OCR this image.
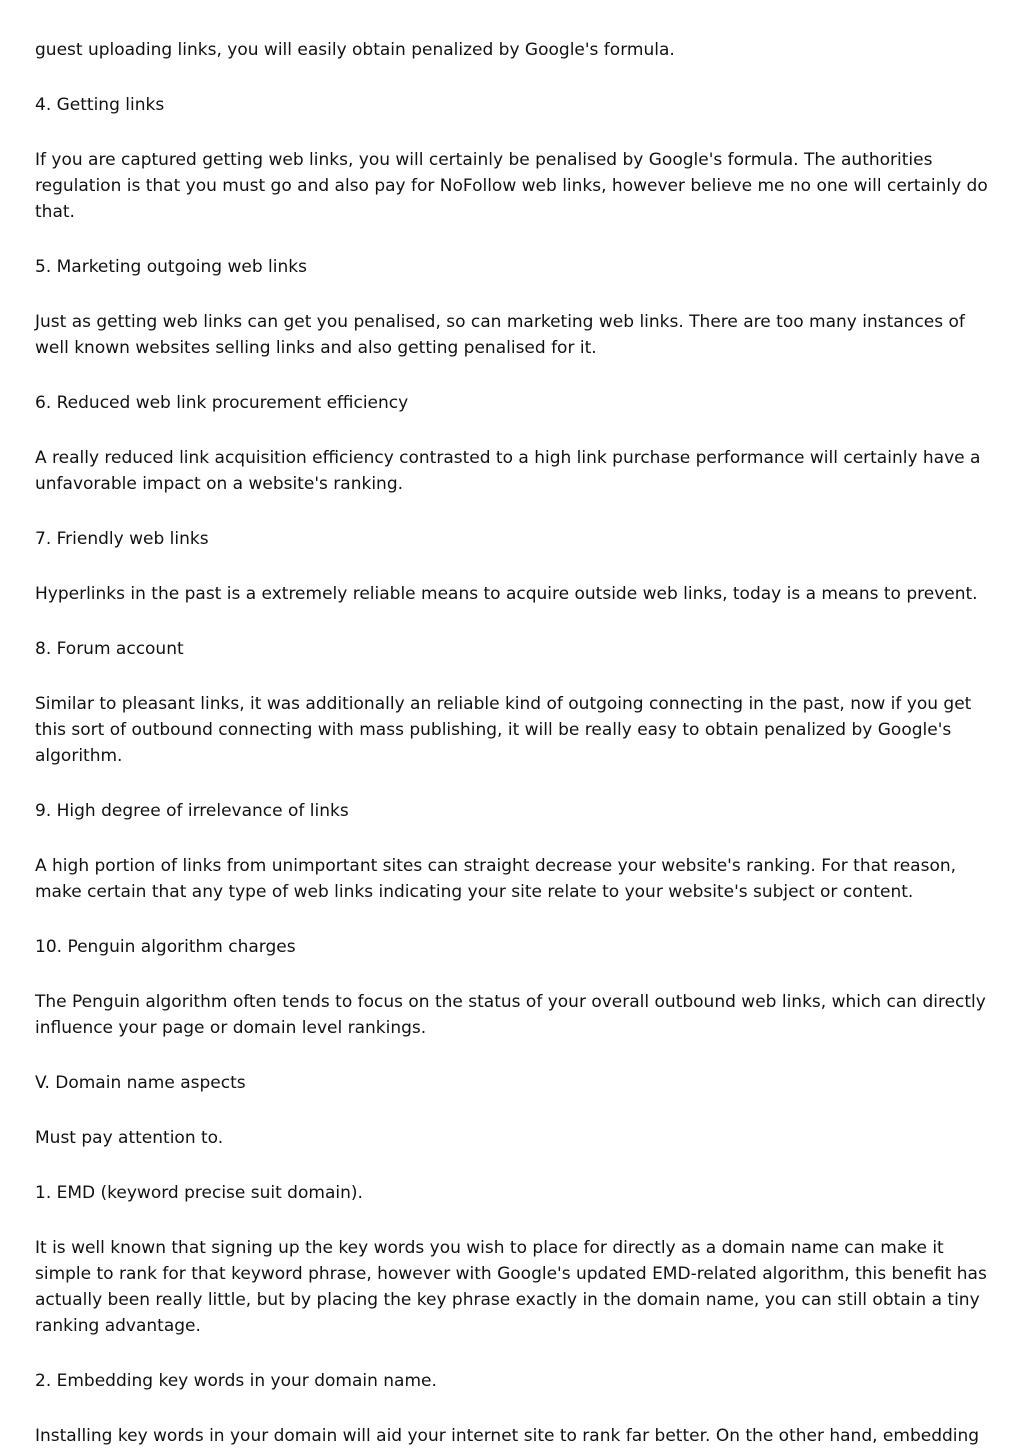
guest uploading links, you will easily obtain penalized by Google's formula.

4. Getting links

If you are captured getting web links, you will certainly be penalised by Google's formula. The authorities regulation is that you must go and also pay for NoFollow web links, however believe me no one will certainly do that.

5. Marketing outgoing web links

Just as getting web links can get you penalised, so can marketing web links. There are too many instances of well known websites selling links and also getting penalised for it.

6. Reduced web link procurement efficiency

A really reduced link acquisition efficiency contrasted to a high link purchase performance will certainly have a unfavorable impact on a website's ranking.

7. Friendly web links

Hyperlinks in the past is a extremely reliable means to acquire outside web links, today is a means to prevent.

8. Forum account

Similar to pleasant links, it was additionally an reliable kind of outgoing connecting in the past, now if you get this sort of outbound connecting with mass publishing, it will be really easy to obtain penalized by Google's algorithm.

9. High degree of irrelevance of links

A high portion of links from unimportant sites can straight decrease your website's ranking. For that reason, make certain that any type of web links indicating your site relate to your website's subject or content.

10. Penguin algorithm charges

The Penguin algorithm often tends to focus on the status of your overall outbound web links, which can directly influence your page or domain level rankings.

V. Domain name aspects

Must pay attention to.

1. EMD (keyword precise suit domain).

It is well known that signing up the key words you wish to place for directly as a domain name can make it simple to rank for that keyword phrase, however with Google's updated EMD-related algorithm, this benefit has actually been really little, but by placing the key phrase exactly in the domain name, you can still obtain a tiny ranking advantage.

2. Embedding key words in your domain name.

Installing key words in your domain will aid your internet site to rank far better. On the other hand, embedding
